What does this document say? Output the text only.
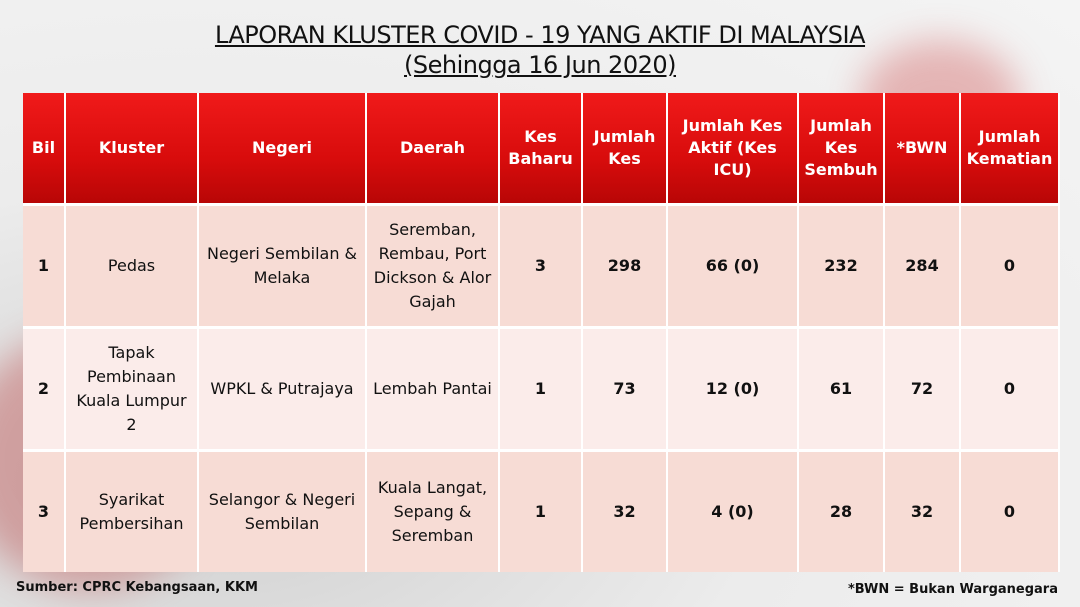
LAPORAN KLUSTER COVID - 19 YANG AKTIF DI MALAYSIA
(Sehingga 16 Jun 2020)
Bil	Kluster	Negeri	Daerah	Kes Baharu	Jumlah Kes	Jumlah Kes Aktif (Kes ICU)	Jumlah Kes Sembuh	*BWN	Jumlah Kematian
1	Pedas	Negeri Sembilan & Melaka	Seremban, Rembau, Port Dickson & Alor Gajah	3	298	66 (0)	232	284	0
2	Tapak Pembinaan Kuala Lumpur 2	WPKL & Putrajaya	Lembah Pantai	1	73	12 (0)	61	72	0
3	Syarikat Pembersihan	Selangor & Negeri Sembilan	Kuala Langat, Sepang & Seremban	1	32	4 (0)	28	32	0
Sumber: CPRC Kebangsaan, KKM	*BWN = Bukan Warganegara
